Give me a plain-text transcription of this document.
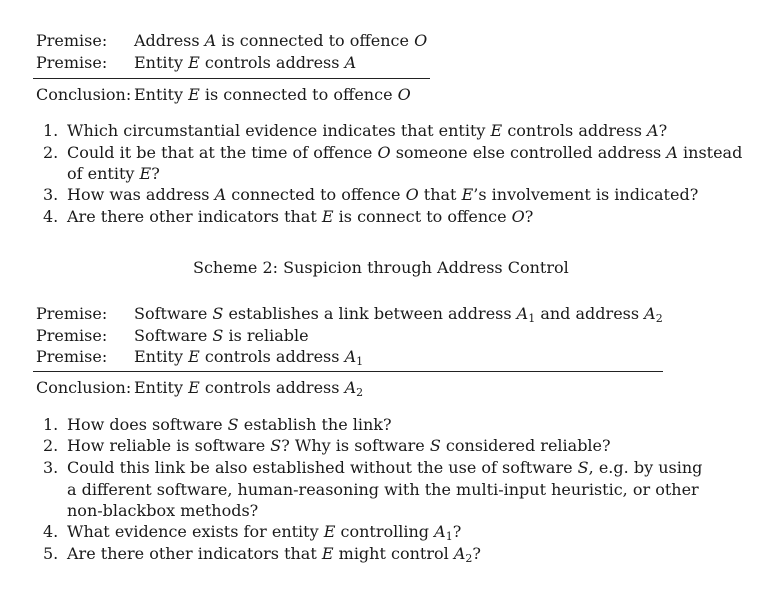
Premise: Address A is connected to offence O
Premise: Entity E controls address A
Conclusion: Entity E is connected to offence O
1. Which circumstantial evidence indicates that entity E controls address A?
2. Could it be that at the time of offence O someone else controlled address A instead
of entity E?
3. How was address A connected to offence O that E’s involvement is indicated?
4. Are there other indicators that E is connect to offence O?
Scheme 2: Suspicion through Address Control
Premise: Software S establishes a link between address $A_1$ and address $A_2$
Premise: Software S is reliable
Premise: Entity E controls address $A_1$
Conclusion: Entity E controls address $A_2$
1. How does software S establish the link?
2. How reliable is software S? Why is software S considered reliable?
3. Could this link be also established without the use of software S, e.g. by using
a different software, human-reasoning with the multi-input heuristic, or other
non-blackbox methods?
4. What evidence exists for entity E controlling $A_1$?
5. Are there other indicators that E might control $A_2$?
